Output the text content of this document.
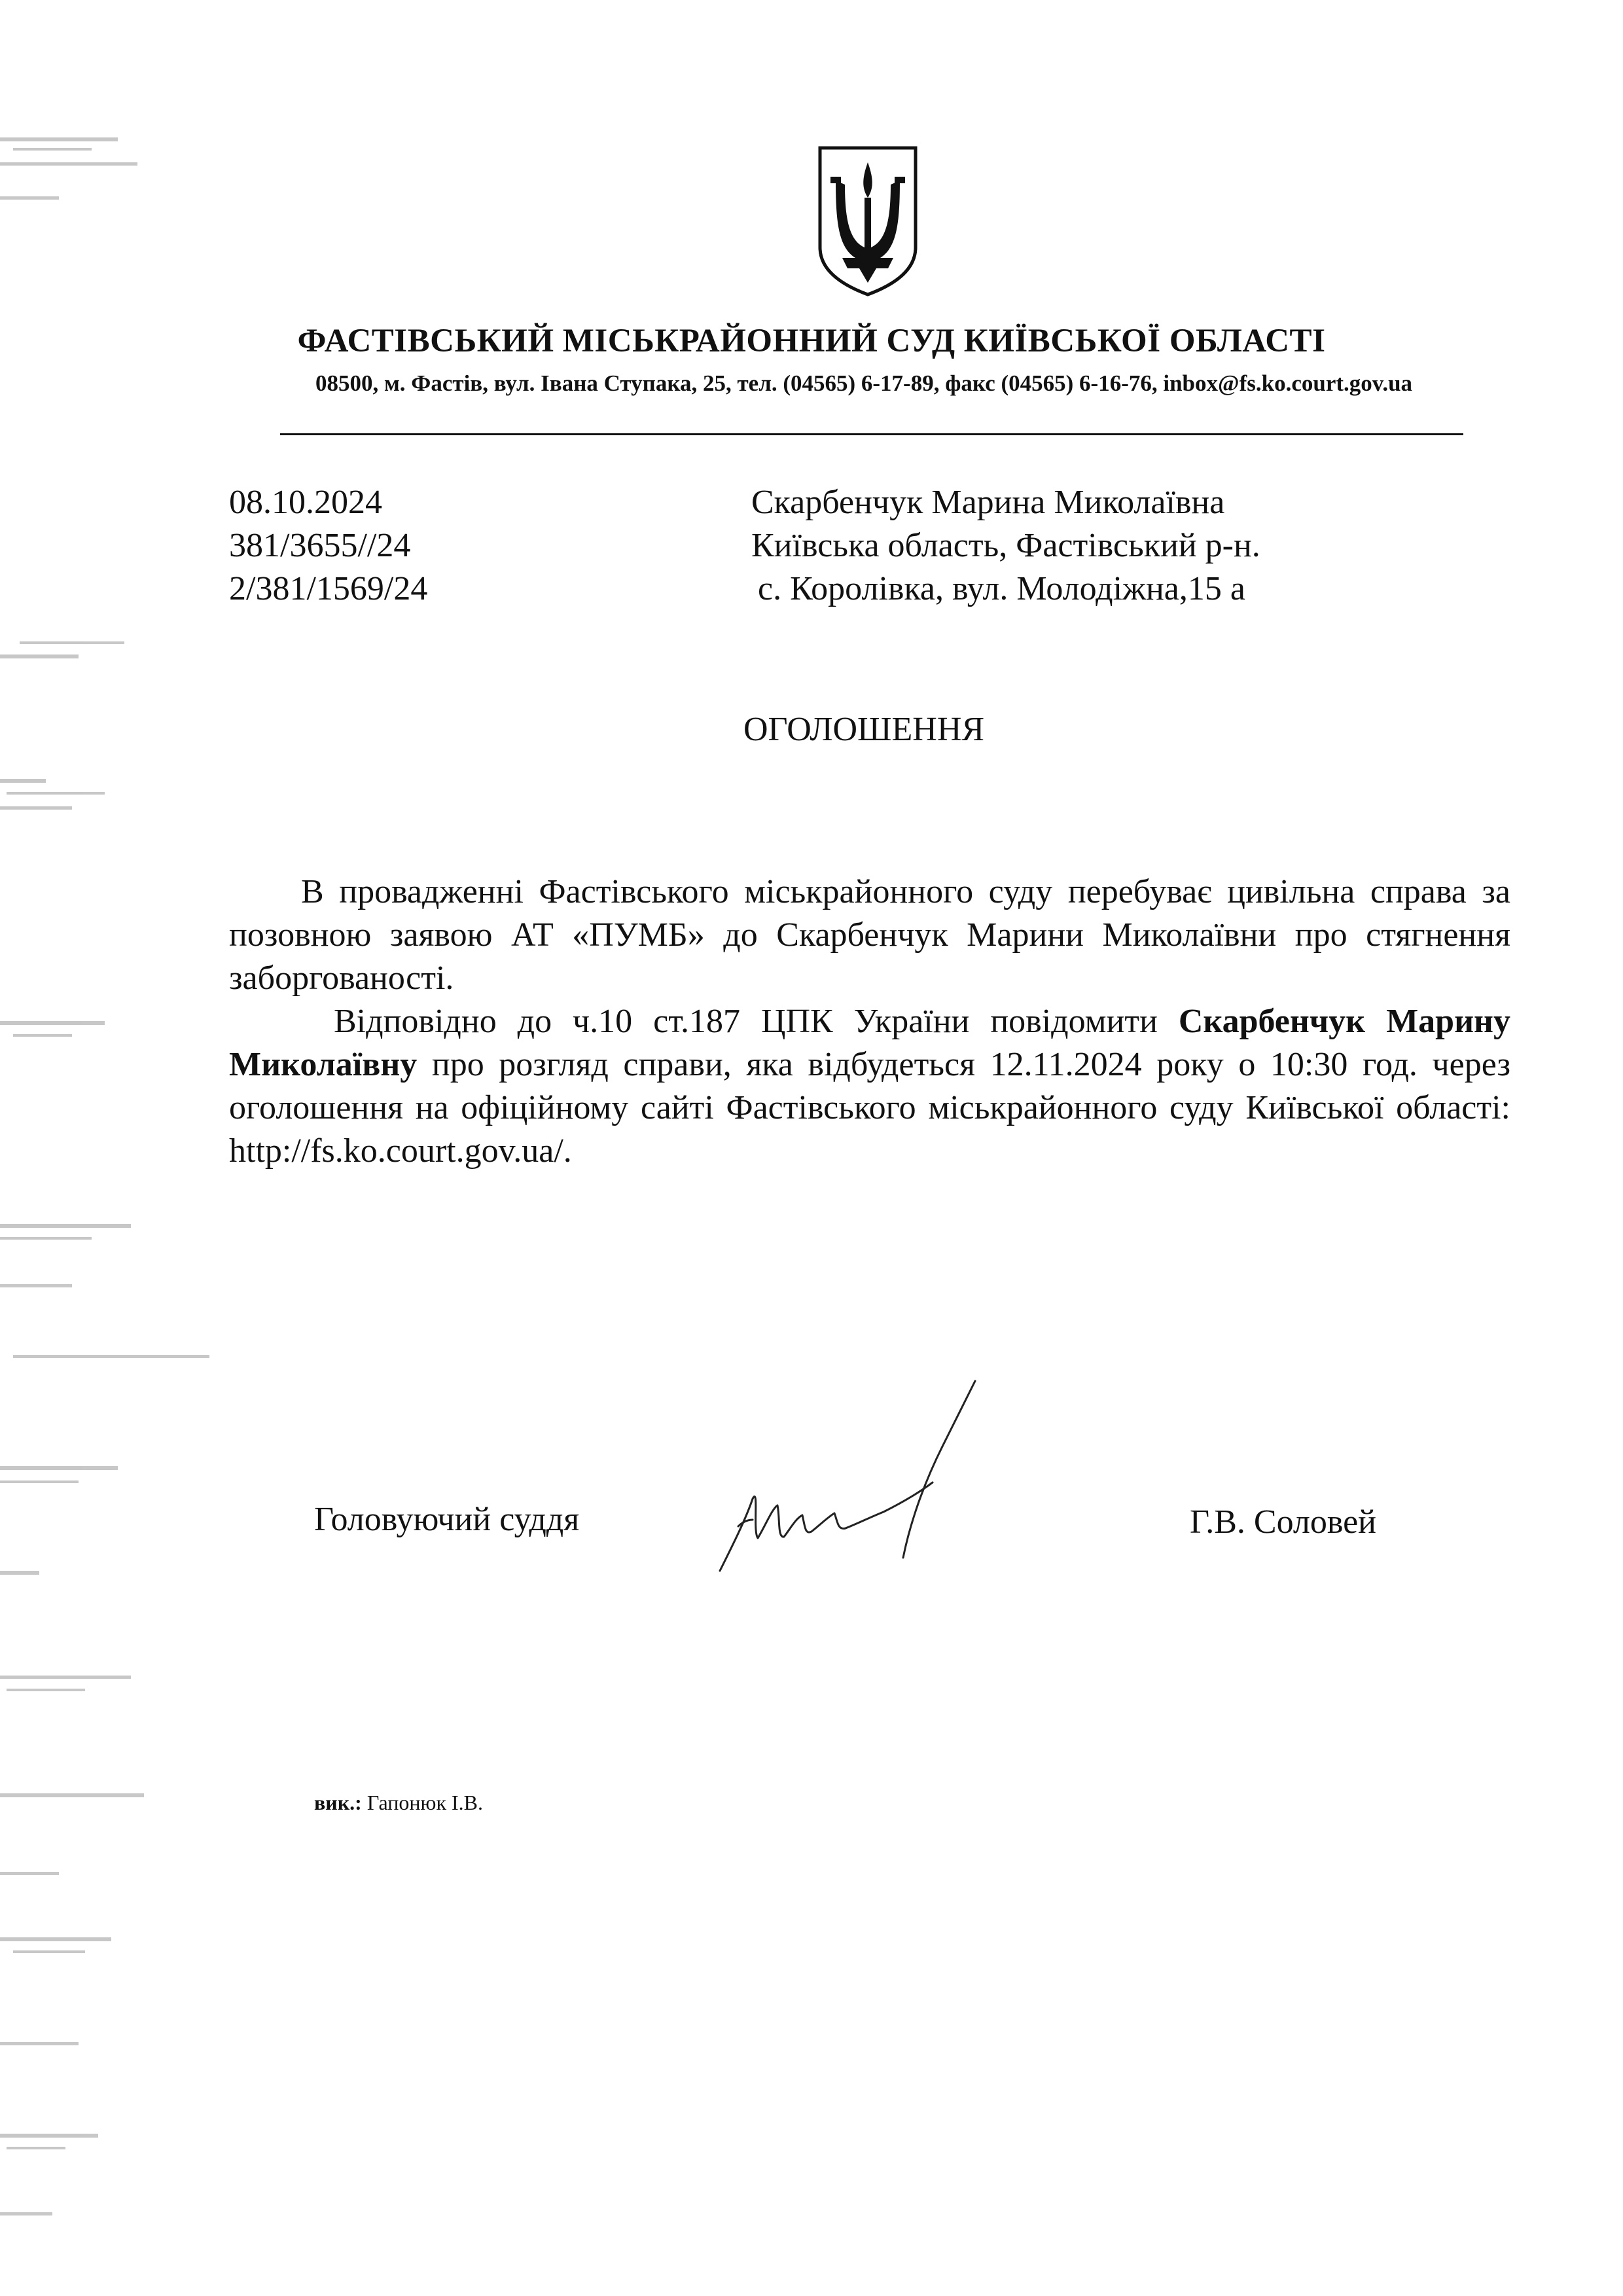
ФАСТІВСЬКИЙ МІСЬКРАЙОННИЙ СУД КИЇВСЬКОЇ ОБЛАСТІ
08500, м. Фастів, вул. Івана Ступака, 25, тел. (04565) 6-17-89, факс (04565) 6-16-76, inbox@fs.ko.court.gov.ua
08.10.2024
381/3655//24
2/381/1569/24
Скарбенчук Марина Миколаївна
Київська область, Фастівський р-н.
с. Королівка, вул. Молодіжна,15 а
ОГОЛОШЕННЯ

В провадженні Фастівського міськрайонного суду перебуває цивільна справа за позовною заявою АТ «ПУМБ» до Скарбенчук Марини Миколаївни про стягнення заборгованості.

Відповідно до ч.10 ст.187 ЦПК України повідомити Скарбенчук Марину Миколаївну про розгляд справи, яка відбудеться 12.11.2024 року о 10:30 год. через оголошення на офіційному сайті Фастівського міськрайонного суду Київської області: http://fs.ko.court.gov.ua/.

Головуючий суддя	Г.В. Соловей
вик.: Гапонюк І.В.
